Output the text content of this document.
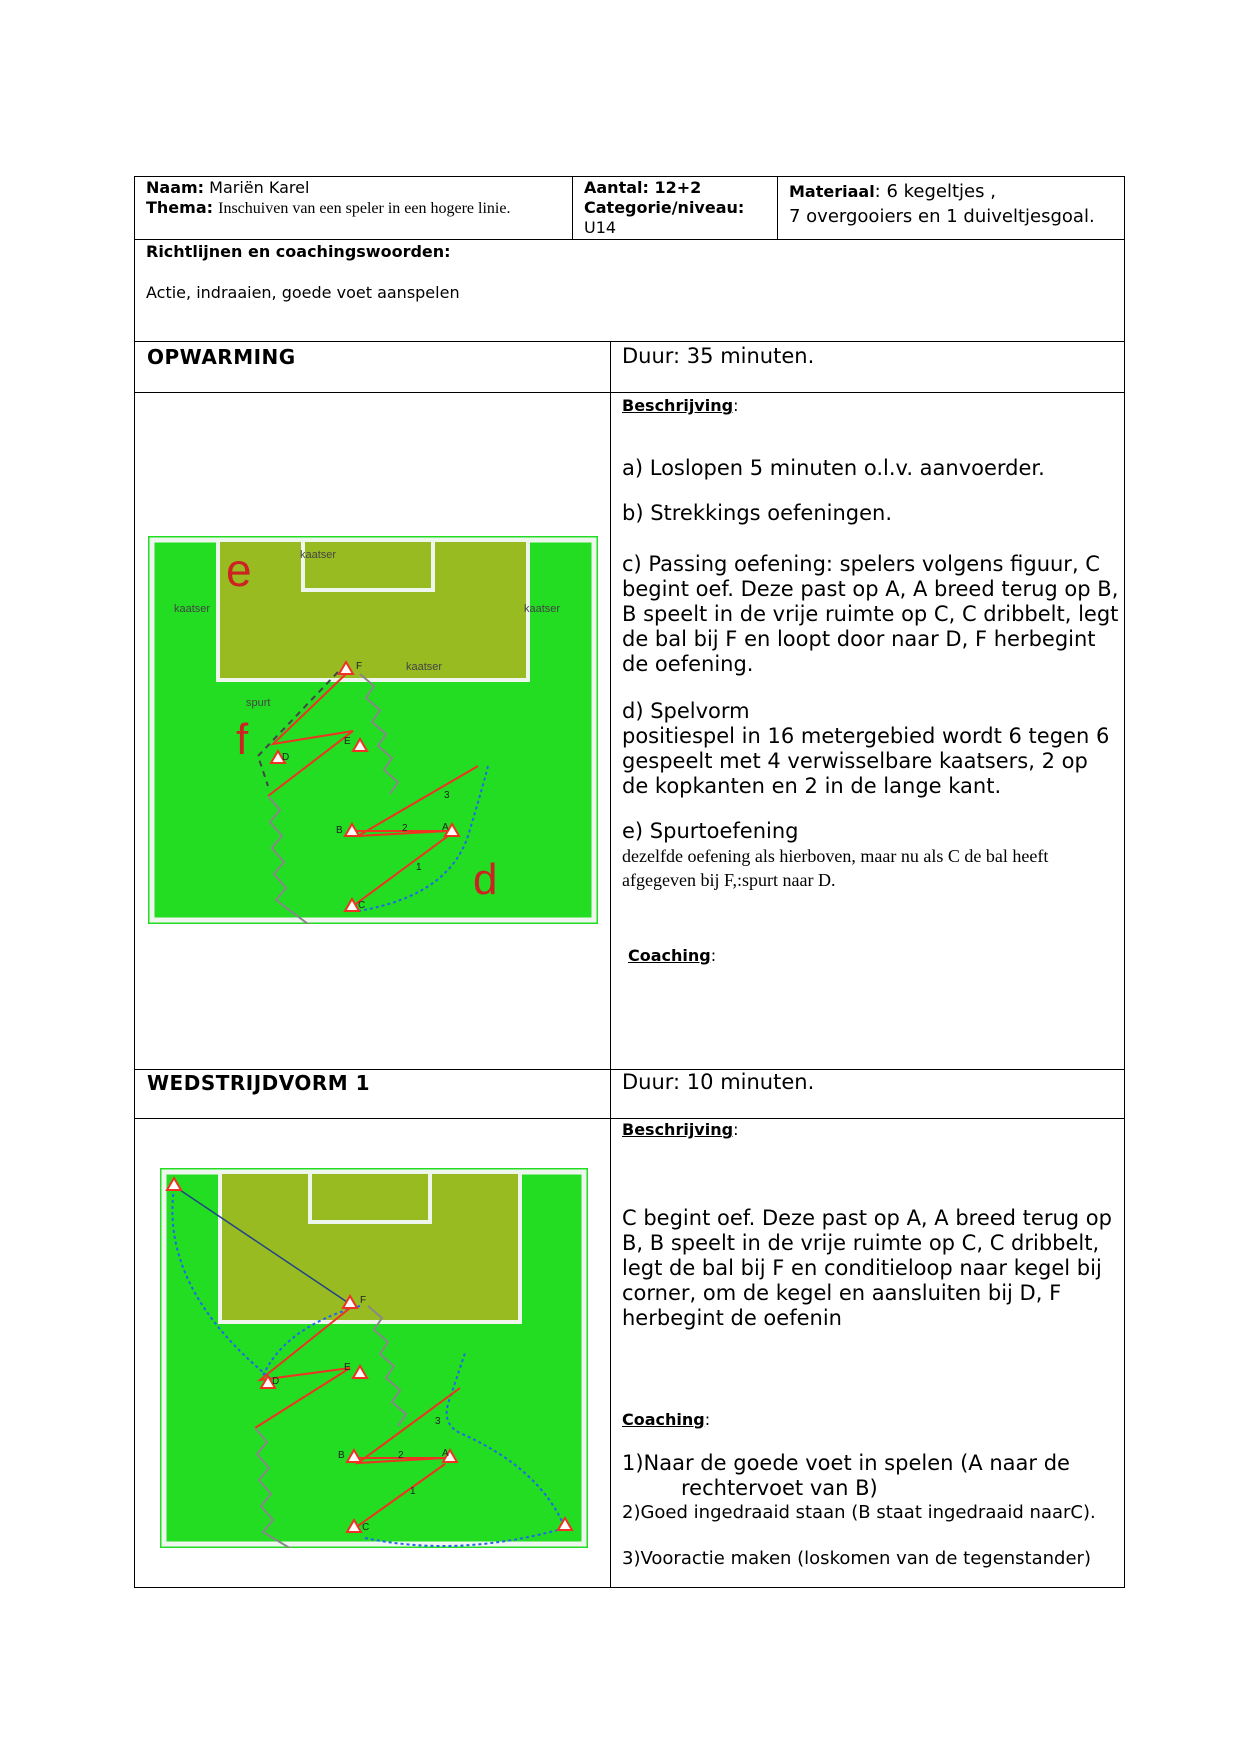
Naam: Mariën Karel
Thema: Inschuiven van een speler in een hogere linie.
Aantal: 12+2
Categorie/niveau:
U14
Materiaal: 6 kegeltjes ,
7 overgooiers en 1 duiveltjesgoal.
Richtlijnen en coachingswoorden:
Actie, indraaien, goede voet aanspelen
OPWARMING	Duur: 35 minuten.
Beschrijving:

a) Loslopen 5 minuten o.l.v. aanvoerder.

b) Strekkings oefeningen.

c) Passing oefening: spelers volgens figuur, C begint oef. Deze past op A, A breed terug op B, B speelt in de vrije ruimte op C, C dribbelt, legt de bal bij F en loopt door naar D, F herbegint de oefening.

d) Spelvorm

positiespel in 16 metergebied wordt 6 tegen 6 gespeelt met 4 verwisselbare kaatsers, 2 op de kopkanten en 2 in de lange kant.

e) Spurtoefening

dezelfde oefening als hierboven, maar nu als C de bal heeft afgegeven bij F,:spurt naar D.

Coaching:
e
f
d
kaatser
kaatser	kaatser
kaatser
spurt
F
E
D
B	A
C
1
2
3
WEDSTRIJDVORM 1	Duur: 10 minuten.
Beschrijving:
C begint oef. Deze past op A, A breed terug op B, B speelt in de vrije ruimte op C, C dribbelt, legt de bal bij F en conditieloop naar kegel bij corner, om de kegel en aansluiten bij D, F herbegint de oefenin
Coaching:
1)Naar de goede voet in spelen (A naar de
rechtervoet van B)
2)Goed ingedraaid staan (B staat ingedraaid naarC).
3)Vooractie maken (loskomen van de tegenstander)
F
E
D
B	A
C
1
2
3
